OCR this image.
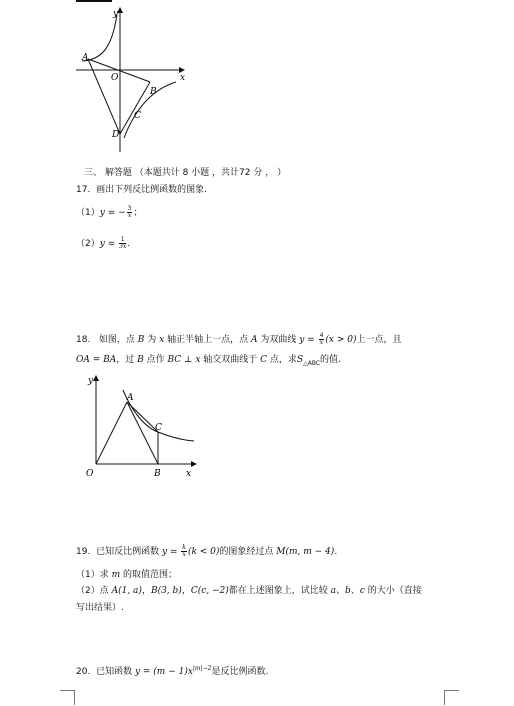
y
x
O
A
B
C
D
三、 解答题 （本题共计 8 小题 ，共计72 分 ， ）
17. 画出下列反比例函数的图象.
（1）y = − $\frac{3}{x}$ ；
$(2)y = \frac{1}{3x}$ .
18. 如图，点 B 为 x 轴正半轴上一点，点 A 为双曲线 $y = \frac{4}{x} (x > 0)$上一点，且
OA = BA，过 B 点作 BC ⊥ x 轴交双曲线于 C 点，求$S_{\triangle ABC}$的值.
y
x
O
A
B
C
19. 已知反比例函数 $y = \frac{k}{x} (k < 0)$的图象经过点 M(m, m − 4).
（1）求 m 的取值范围；
（2）点 A(1, a)，B(3, b)，C(c, −2)都在上述图象上，试比较 a、b、c 的大小（直接
写出结果）.
20. 已知函数 $y = (m - 1)x^{|m|-2}$是反比例函数.
